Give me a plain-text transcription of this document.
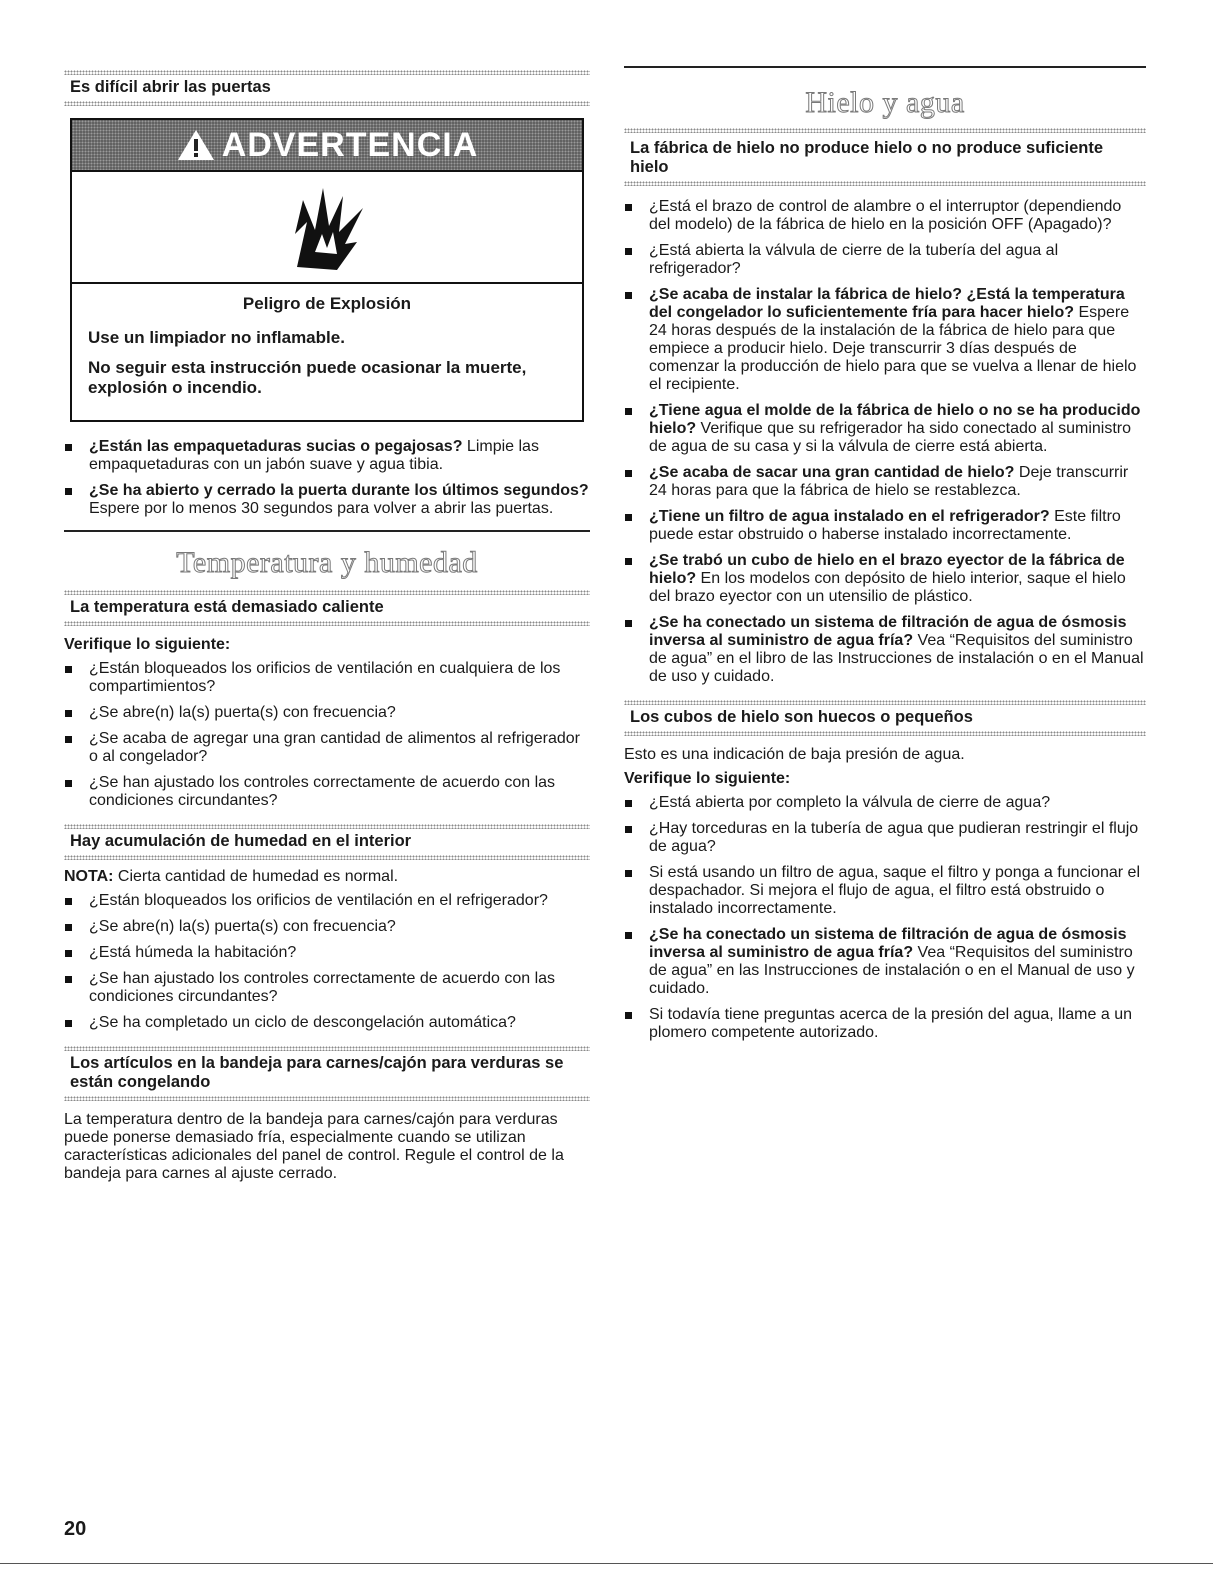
Es difícil abrir las puertas
ADVERTENCIA

Peligro de Explosión

Use un limpiador no inflamable.

No seguir esta instrucción puede ocasionar la muerte, explosión o incendio.

¿Están las empaquetaduras sucias o pegajosas? Limpie las empaquetaduras con un jabón suave y agua tibia.
¿Se ha abierto y cerrado la puerta durante los últimos segundos? Espere por lo menos 30 segundos para volver a abrir las puertas.
Temperatura y humedad
La temperatura está demasiado caliente
Verifique lo siguiente:
¿Están bloqueados los orificios de ventilación en cualquiera de los compartimientos?
¿Se abre(n) la(s) puerta(s) con frecuencia?
¿Se acaba de agregar una gran cantidad de alimentos al refrigerador o al congelador?
¿Se han ajustado los controles correctamente de acuerdo con las condiciones circundantes?
Hay acumulación de humedad en el interior

NOTA: Cierta cantidad de humedad es normal.

¿Están bloqueados los orificios de ventilación en el refrigerador?
¿Se abre(n) la(s) puerta(s) con frecuencia?
¿Está húmeda la habitación?
¿Se han ajustado los controles correctamente de acuerdo con las condiciones circundantes?
¿Se ha completado un ciclo de descongelación automática?
Los artículos en la bandeja para carnes/cajón para verduras se están congelando

La temperatura dentro de la bandeja para carnes/cajón para verduras puede ponerse demasiado fría, especialmente cuando se utilizan características adicionales del panel de control. Regule el control de la bandeja para carnes al ajuste cerrado.

Hielo y agua
La fábrica de hielo no produce hielo o no produce suficiente hielo
¿Está el brazo de control de alambre o el interruptor (dependiendo del modelo) de la fábrica de hielo en la posición OFF (Apagado)?
¿Está abierta la válvula de cierre de la tubería del agua al refrigerador?
¿Se acaba de instalar la fábrica de hielo? ¿Está la temperatura del congelador lo suficientemente fría para hacer hielo? Espere 24 horas después de la instalación de la fábrica de hielo para que empiece a producir hielo. Deje transcurrir 3 días después de comenzar la producción de hielo para que se vuelva a llenar de hielo el recipiente.
¿Tiene agua el molde de la fábrica de hielo o no se ha producido hielo? Verifique que su refrigerador ha sido conectado al suministro de agua de su casa y si la válvula de cierre está abierta.
¿Se acaba de sacar una gran cantidad de hielo? Deje transcurrir 24 horas para que la fábrica de hielo se restablezca.
¿Tiene un filtro de agua instalado en el refrigerador? Este filtro puede estar obstruido o haberse instalado incorrectamente.
¿Se trabó un cubo de hielo en el brazo eyector de la fábrica de hielo? En los modelos con depósito de hielo interior, saque el hielo del brazo eyector con un utensilio de plástico.
¿Se ha conectado un sistema de filtración de agua de ósmosis inversa al suministro de agua fría? Vea “Requisitos del suministro de agua” en el libro de las Instrucciones de instalación o en el Manual de uso y cuidado.
Los cubos de hielo son huecos o pequeños

Esto es una indicación de baja presión de agua.

Verifique lo siguiente:
¿Está abierta por completo la válvula de cierre de agua?
¿Hay torceduras en la tubería de agua que pudieran restringir el flujo de agua?
Si está usando un filtro de agua, saque el filtro y ponga a funcionar el despachador. Si mejora el flujo de agua, el filtro está obstruido o instalado incorrectamente.
¿Se ha conectado un sistema de filtración de agua de ósmosis inversa al suministro de agua fría? Vea “Requisitos del suministro de agua” en las Instrucciones de instalación o en el Manual de uso y cuidado.
Si todavía tiene preguntas acerca de la presión del agua, llame a un plomero competente autorizado.
20
